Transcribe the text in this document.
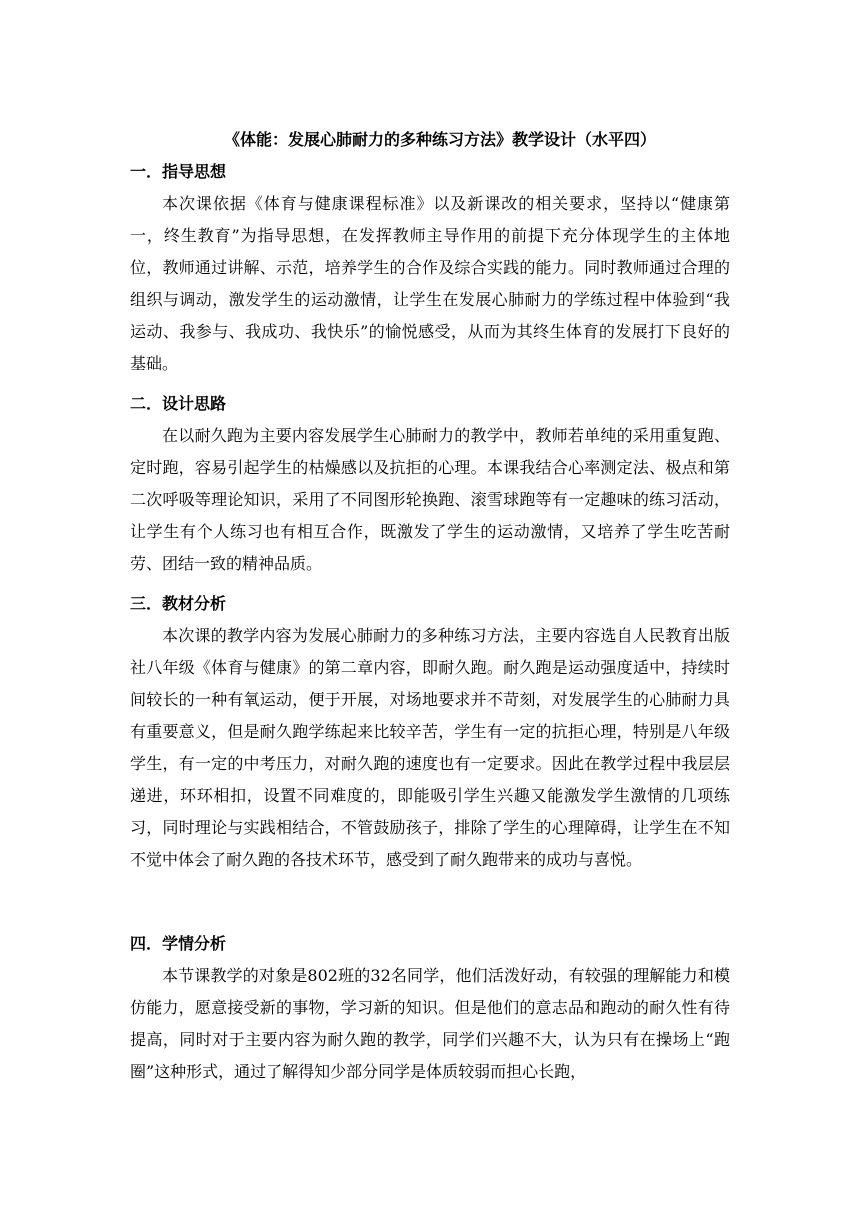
《体能：发展心肺耐力的多种练习方法》教学设计（水平四）

一．指导思想

本次课依据《体育与健康课程标准》以及新课改的相关要求，坚持以“健康第一，终生教育”为指导思想，在发挥教师主导作用的前提下充分体现学生的主体地位，教师通过讲解、示范，培养学生的合作及综合实践的能力。同时教师通过合理的组织与调动，激发学生的运动激情，让学生在发展心肺耐力的学练过程中体验到“我运动、我参与、我成功、我快乐”的愉悦感受，从而为其终生体育的发展打下良好的基础。

二．设计思路

在以耐久跑为主要内容发展学生心肺耐力的教学中，教师若单纯的采用重复跑、定时跑，容易引起学生的枯燥感以及抗拒的心理。本课我结合心率测定法、极点和第二次呼吸等理论知识，采用了不同图形轮换跑、滚雪球跑等有一定趣味的练习活动，让学生有个人练习也有相互合作，既激发了学生的运动激情，又培养了学生吃苦耐劳、团结一致的精神品质。

三．教材分析

本次课的教学内容为发展心肺耐力的多种练习方法，主要内容选自人民教育出版社八年级《体育与健康》的第二章内容，即耐久跑。耐久跑是运动强度适中，持续时间较长的一种有氧运动，便于开展，对场地要求并不苛刻，对发展学生的心肺耐力具有重要意义，但是耐久跑学练起来比较辛苦，学生有一定的抗拒心理，特别是八年级学生，有一定的中考压力，对耐久跑的速度也有一定要求。因此在教学过程中我层层递进，环环相扣，设置不同难度的，即能吸引学生兴趣又能激发学生激情的几项练习，同时理论与实践相结合，不管鼓励孩子，排除了学生的心理障碍，让学生在不知不觉中体会了耐久跑的各技术环节，感受到了耐久跑带来的成功与喜悦。

四．学情分析

本节课教学的对象是802班的32名同学，他们活泼好动，有较强的理解能力和模仿能力，愿意接受新的事物，学习新的知识。但是他们的意志品和跑动的耐久性有待提高，同时对于主要内容为耐久跑的教学，同学们兴趣不大，认为只有在操场上“跑圈”这种形式，通过了解得知少部分同学是体质较弱而担心长跑，
